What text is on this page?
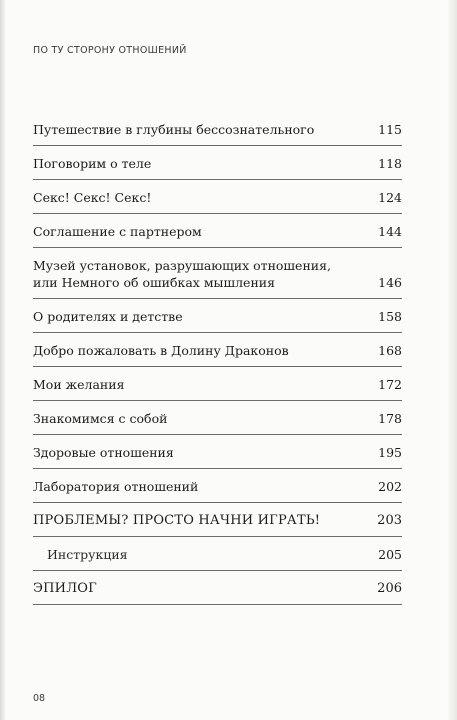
ПО ТУ СТОРОНУ ОТНОШЕНИЙ
Путешествие в глубины бессознательного	115
Поговорим о теле	118
Секс! Секс! Секс!	124
Соглашение с партнером	144
Музей установок, разрушающих отношения,
или Немного об ошибках мышления	146
О родителях и детстве	158
Добро пожаловать в Долину Драконов	168
Мои желания	172
Знакомимся с собой	178
Здоровые отношения	195
Лаборатория отношений	202
ПРОБЛЕМЫ? ПРОСТО НАЧНИ ИГРАТЬ!	203
Инструкция	205
ЭПИЛОГ	206
08
